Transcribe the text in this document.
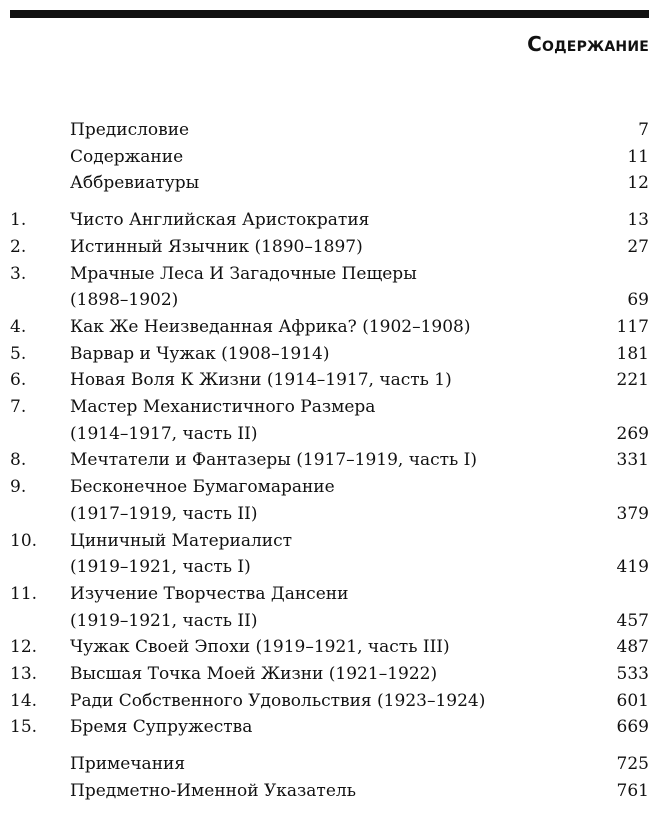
Содержание
Предисловие	7
Содержание	11
Аббревиатуры	12
1.	Чисто Английская Аристократия	13
2.	Истинный Язычник (1890–1897)	27
3.	Мрачные Леса И Загадочные Пещеры
(1898–1902)	69
4.	Как Же Неизведанная Африка? (1902–1908)	117
5.	Варвар и Чужак (1908–1914)	181
6.	Новая Воля К Жизни (1914–1917, часть 1)	221
7.	Мастер Механистичного Размера
(1914–1917, часть II)	269
8.	Мечтатели и Фантазеры (1917–1919, часть I)	331
9.	Бесконечное Бумагомарание
(1917–1919, часть II)	379
10.	Циничный Материалист
(1919–1921, часть I)	419
11.	Изучение Творчества Дансени
(1919–1921, часть II)	457
12.	Чужак Своей Эпохи (1919–1921, часть III)	487
13.	Высшая Точка Моей Жизни (1921–1922)	533
14.	Ради Собственного Удовольствия (1923–1924)	601
15.	Бремя Супружества	669
Примечания	725
Предметно-Именной Указатель	761
